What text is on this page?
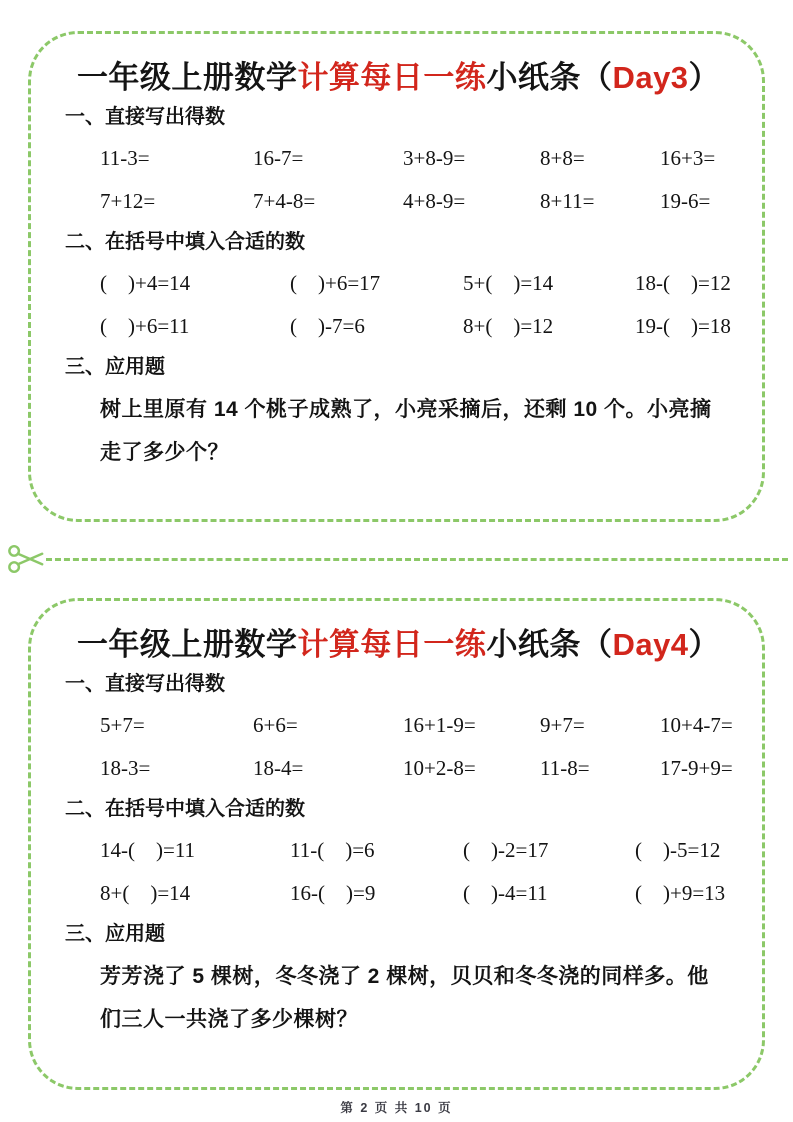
一年级上册数学计算每日一练小纸条（Day3）
一、直接写出得数
11-3=	16-7=	3+8-9=	8+8=	16+3=
7+12=	7+4-8=	4+8-9=	8+11=	19-6=
二、在括号中填入合适的数
(    )+4=14	(    )+6=17	5+(    )=14	18-(    )=12
(    )+6=11	(    )-7=6	8+(    )=12	19-(    )=18
三、应用题
树上里原有 14 个桃子成熟了，小亮采摘后，还剩 10 个。小亮摘走了多少个？
一年级上册数学计算每日一练小纸条（Day4）
一、直接写出得数
5+7=	6+6=	16+1-9=	9+7=	10+4-7=
18-3=	18-4=	10+2-8=	11-8=	17-9+9=
二、在括号中填入合适的数
14-(    )=11	11-(    )=6	(    )-2=17	(    )-5=12
8+(    )=14	16-(    )=9	(    )-4=11	(    )+9=13
三、应用题
芳芳浇了 5 棵树，冬冬浇了 2 棵树，贝贝和冬冬浇的同样多。他们三人一共浇了多少棵树？
第 2 页 共 10 页
